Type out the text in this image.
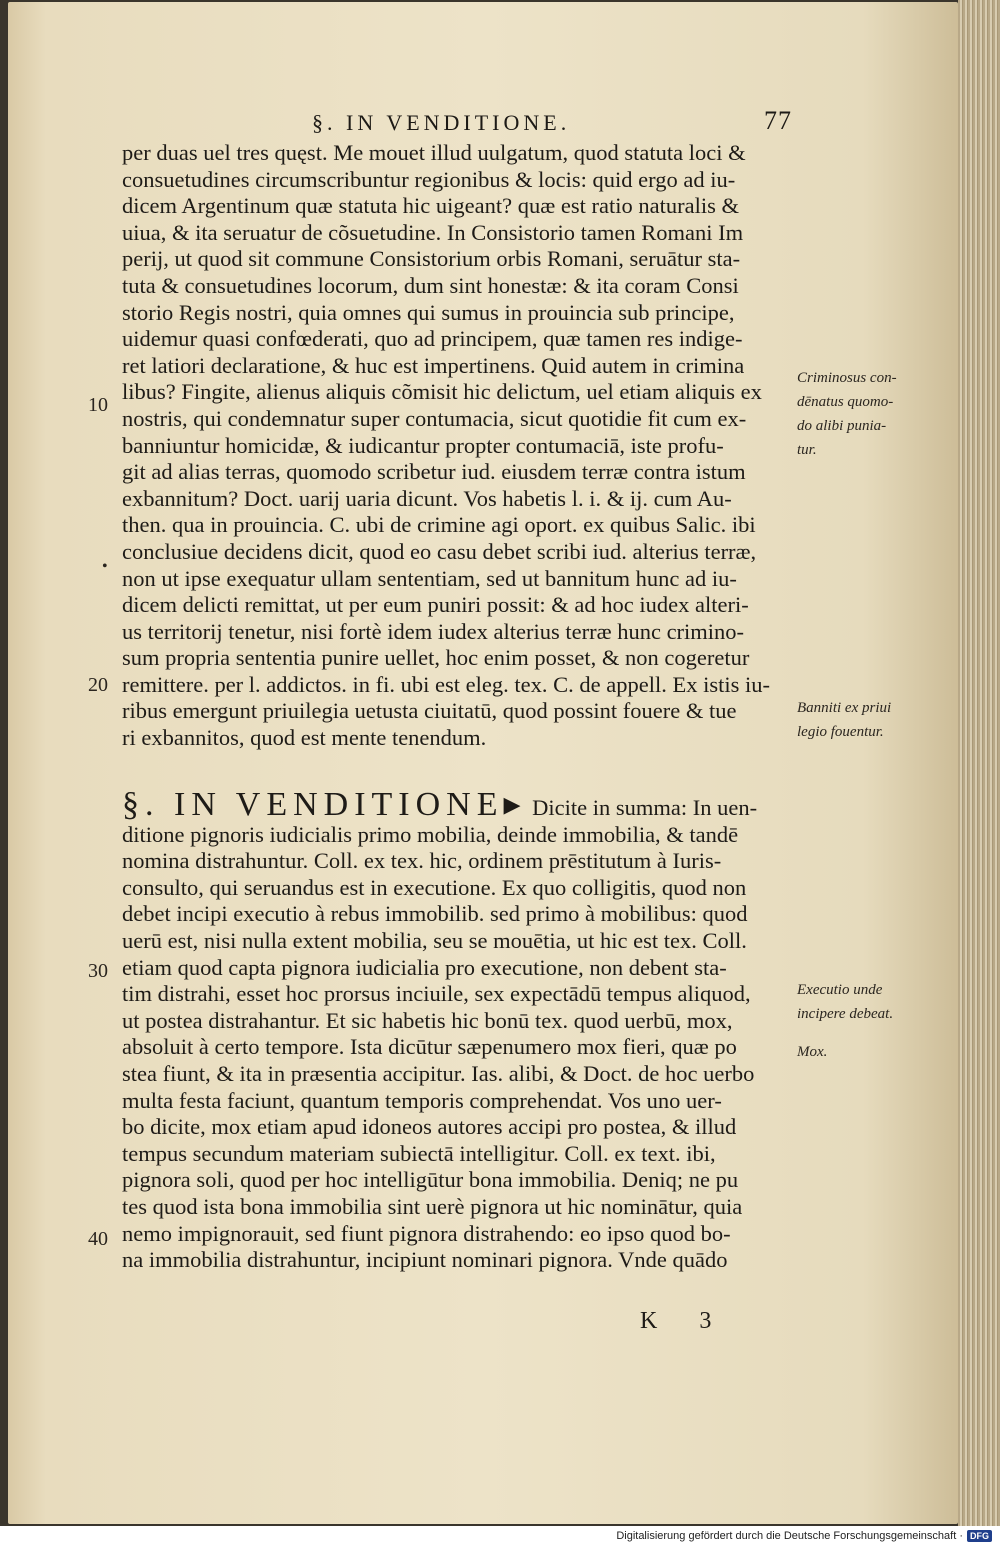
§. IN VENDITIONE.	77
per duas uel tres quęst. Me mouet illud uulgatum, quod statuta loci &
consuetudines circumscribuntur regionibus & locis: quid ergo ad iu-
dicem Argentinum quæ statuta hic uigeant? quæ est ratio naturalis &
uiua, & ita seruatur de cõsuetudine. In Consistorio tamen Romani Im
perij, ut quod sit commune Consistorium orbis Romani, seruātur sta-
tuta & consuetudines locorum, dum sint honestæ: & ita coram Consi
storio Regis nostri, quia omnes qui sumus in prouincia sub principe,
uidemur quasi confœderati, quo ad principem, quæ tamen res indige-
ret latiori declaratione, & huc est impertinens. Quid autem in crimina
libus? Fingite, alienus aliquis cõmisit hic delictum, uel etiam aliquis ex
nostris, qui condemnatur super contumacia, sicut quotidie fit cum ex-
banniuntur homicidæ, & iudicantur propter contumaciā, iste profu-
git ad alias terras, quomodo scribetur iud. eiusdem terræ contra istum
exbannitum? Doct. uarij uaria dicunt. Vos habetis l. i. & ij. cum Au-
then. qua in prouincia. C. ubi de crimine agi oport. ex quibus Salic. ibi
conclusiue decidens dicit, quod eo casu debet scribi iud. alterius terræ,
non ut ipse exequatur ullam sententiam, sed ut bannitum hunc ad iu-
dicem delicti remittat, ut per eum puniri possit: & ad hoc iudex alteri-
us territorij tenetur, nisi fortè idem iudex alterius terræ hunc crimino-
sum propria sententia punire uellet, hoc enim posset, & non cogeretur
remittere. per l. addictos. in fi. ubi est eleg. tex. C. de appell. Ex istis iu-
ribus emergunt priuilegia uetusta ciuitatū, quod possint fouere & tue
ri exbannitos, quod est mente tenendum.
§. IN VENDITIONE▸ Dicite in summa: In uen-
ditione pignoris iudicialis primo mobilia, deinde immobilia, & tandē
nomina distrahuntur. Coll. ex tex. hic, ordinem prēstitutum à Iuris-
consulto, qui seruandus est in executione. Ex quo colligitis, quod non
debet incipi executio à rebus immobilib. sed primo à mobilibus: quod
uerū est, nisi nulla extent mobilia, seu se mouētia, ut hic est tex. Coll.
etiam quod capta pignora iudicialia pro executione, non debent sta-
tim distrahi, esset hoc prorsus inciuile, sex expectādū tempus aliquod,
ut postea distrahantur. Et sic habetis hic bonū tex. quod uerbū, mox,
absoluit à certo tempore. Ista dicūtur sæpenumero mox fieri, quæ po
stea fiunt, & ita in præsentia accipitur. Ias. alibi, & Doct. de hoc uerbo
multa festa faciunt, quantum temporis comprehendat. Vos uno uer-
bo dicite, mox etiam apud idoneos autores accipi pro postea, & illud
tempus secundum materiam subiectā intelligitur. Coll. ex text. ibi,
pignora soli, quod per hoc intelligūtur bona immobilia. Deniq; ne pu
tes quod ista bona immobilia sint uerè pignora ut hic nominātur, quia
nemo impignorauit, sed fiunt pignora distrahendo: eo ipso quod bo-
na immobilia distrahuntur, incipiunt nominari pignora. Vnde quādo
10
•
20
30
40
Criminosus con-
dēnatus quomo-
do alibi punia-
tur.
Banniti ex priui
legio fouentur.
Executio unde
incipere debeat.
Mox.
K 3
Digitalisierung gefördert durch die Deutsche Forschungsgemeinschaft · DFG
